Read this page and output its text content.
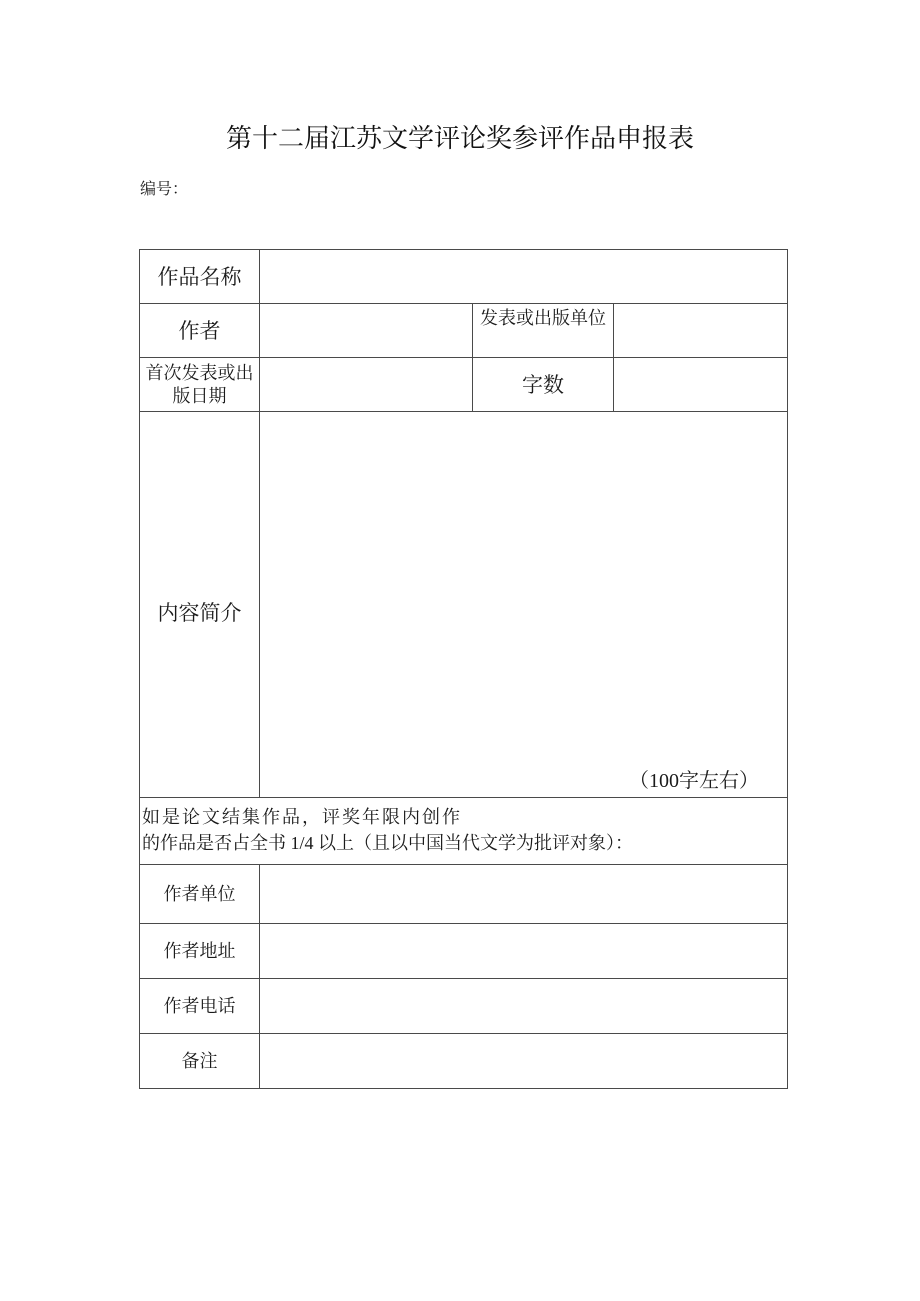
第十二届江苏文学评论奖参评作品申报表
编号：
作品名称
作者
发表或出版单位
首次发表或出版日期	字数
内容简介
（100字左右）
如是论文结集作品，评奖年限内创作
的作品是否占全书 1/4 以上（且以中国当代文学为批评对象）：
作者单位
作者地址
作者电话
备注
